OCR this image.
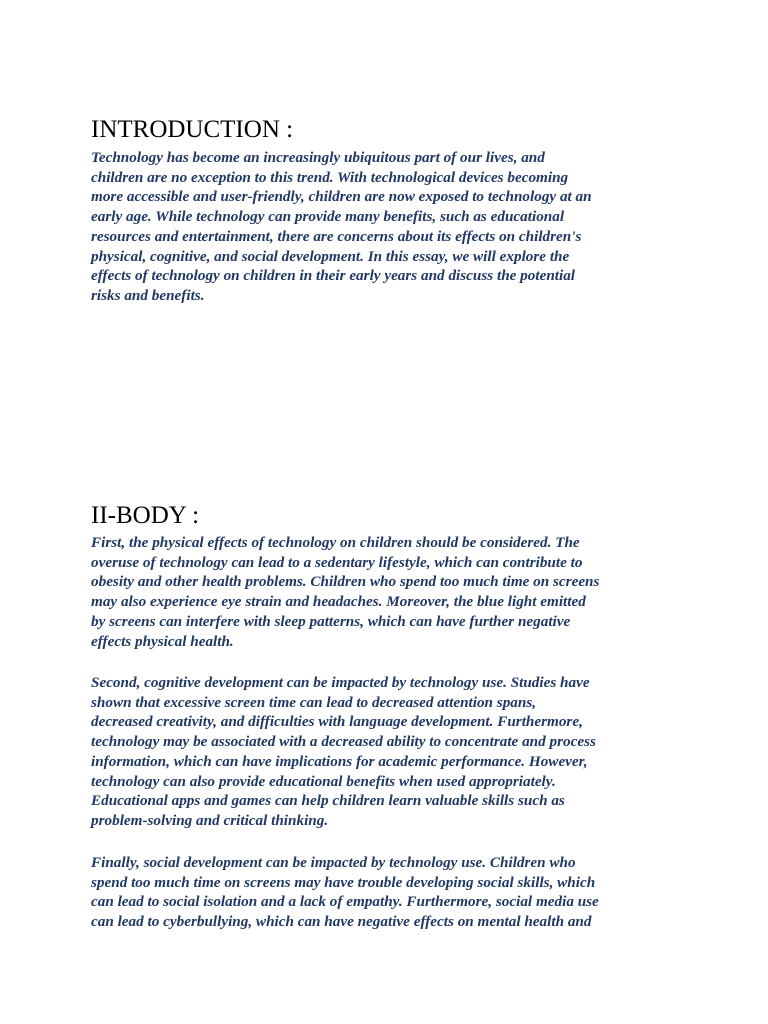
INTRODUCTION :

Technology has become an increasingly ubiquitous part of our lives, and
children are no exception to this trend. With technological devices becoming
more accessible and user-friendly, children are now exposed to technology at an
early age. While technology can provide many benefits, such as educational
resources and entertainment, there are concerns about its effects on children's
physical, cognitive, and social development. In this essay, we will explore the
effects of technology on children in their early years and discuss the potential
risks and benefits.

II-BODY :

First, the physical effects of technology on children should be considered. The
overuse of technology can lead to a sedentary lifestyle, which can contribute to
obesity and other health problems. Children who spend too much time on screens
may also experience eye strain and headaches. Moreover, the blue light emitted
by screens can interfere with sleep patterns, which can have further negative
effects physical health.

Second, cognitive development can be impacted by technology use. Studies have
shown that excessive screen time can lead to decreased attention spans,
decreased creativity, and difficulties with language development. Furthermore,
technology may be associated with a decreased ability to concentrate and process
information, which can have implications for academic performance. However,
technology can also provide educational benefits when used appropriately.
Educational apps and games can help children learn valuable skills such as
problem-solving and critical thinking.

Finally, social development can be impacted by technology use. Children who
spend too much time on screens may have trouble developing social skills, which
can lead to social isolation and a lack of empathy. Furthermore, social media use
can lead to cyberbullying, which can have negative effects on mental health and
